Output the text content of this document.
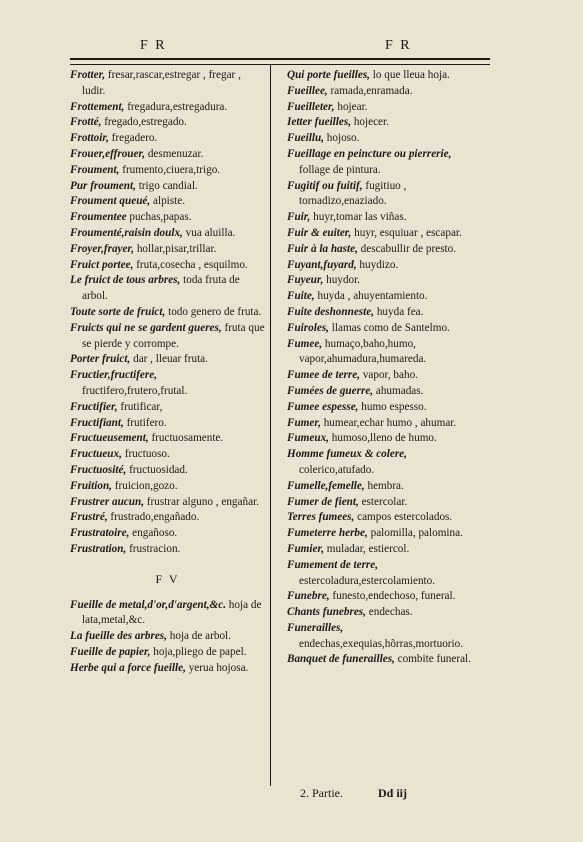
F R	F R

Frotter, fresar,rascar,estregar , fregar , ludir.

Frottement, fregadura,estregadura.

Frotté, fregado,estregado.

Frottoir, fregadero.

Frouer,effrouer, desmenuzar.

Froument, frumento,ciuera,trigo.

Pur froument, trigo candial.

Froument queué, alpiste.

Froumentee puchas,papas.

Froumenté,raisin doulx, vua aluilla.

Froyer,frayer, hollar,pisar,trillar.

Fruict portee, fruta,cosecha , esquilmo.

Le fruict de tous arbres, toda fruta de arbol.

Toute sorte de fruict, todo genero de fruta.

Fruicts qui ne se gardent gueres, fruta que se pierde y corrompe.

Porter fruict, dar , lleuar fruta.

Fructier,fructifere, fructifero,frutero,frutal.

Fructifier, frutificar,

Fructifiant, frutifero.

Fructueusement, fructuosamente.

Fructueux, fructuoso.

Fructuosité, fructuosidad.

Fruition, fruicion,gozo.

Frustrer aucun, frustrar alguno , engañar.

Frustré, frustrado,engañado.

Frustratoire, engañoso.

Frustration, frustracion.

F V

Fueille de metal,d'or,d'argent,&c. hoja de lata,metal,&c.

La fueille des arbres, hoja de arbol.

Fueille de papier, hoja,pliego de papel.

Herbe qui a force fueille, yerua hojosa.

Qui porte fueilles, lo que lleua hoja.

Fueillee, ramada,enramada.

Fueilleter, hojear.

Ietter fueilles, hojecer.

Fueillu, hojoso.

Fueillage en peincture ou pierrerie, follage de pintura.

Fugitif ou fuitif, fugitiuo , tornadizo,enaziado.

Fuir, huyr,tomar las viñas.

Fuir & euiter, huyr, esquiuar , escapar.

Fuir à la haste, descabullir de presto.

Fuyant,fuyard, huydizo.

Fuyeur, huydor.

Fuite, huyda , ahuyentamiento.

Fuite deshonneste, huyda fea.

Fuiroles, llamas como de Santelmo.

Fumee, humaço,baho,humo, vapor,ahumadura,humareda.

Fumee de terre, vapor, baho.

Fumées de guerre, ahumadas.

Fumee espesse, humo espesso.

Fumer, humear,echar humo , ahumar.

Fumeux, humoso,lleno de humo.

Homme fumeux & colere, colerico,atufado.

Fumelle,femelle, hembra.

Fumer de fient, estercolar.

Terres fumees, campos estercolados.

Fumeterre herbe, palomilla, palomina.

Fumier, muladar, estiercol.

Fumement de terre, estercoladura,estercolamiento.

Funebre, funesto,endechoso, funeral.

Chants funebres, endechas.

Funerailles, endechas,exequias,hõrras,mortuorio.

Banquet de funerailles, combite funeral.

2. Partie.	Dd iij
